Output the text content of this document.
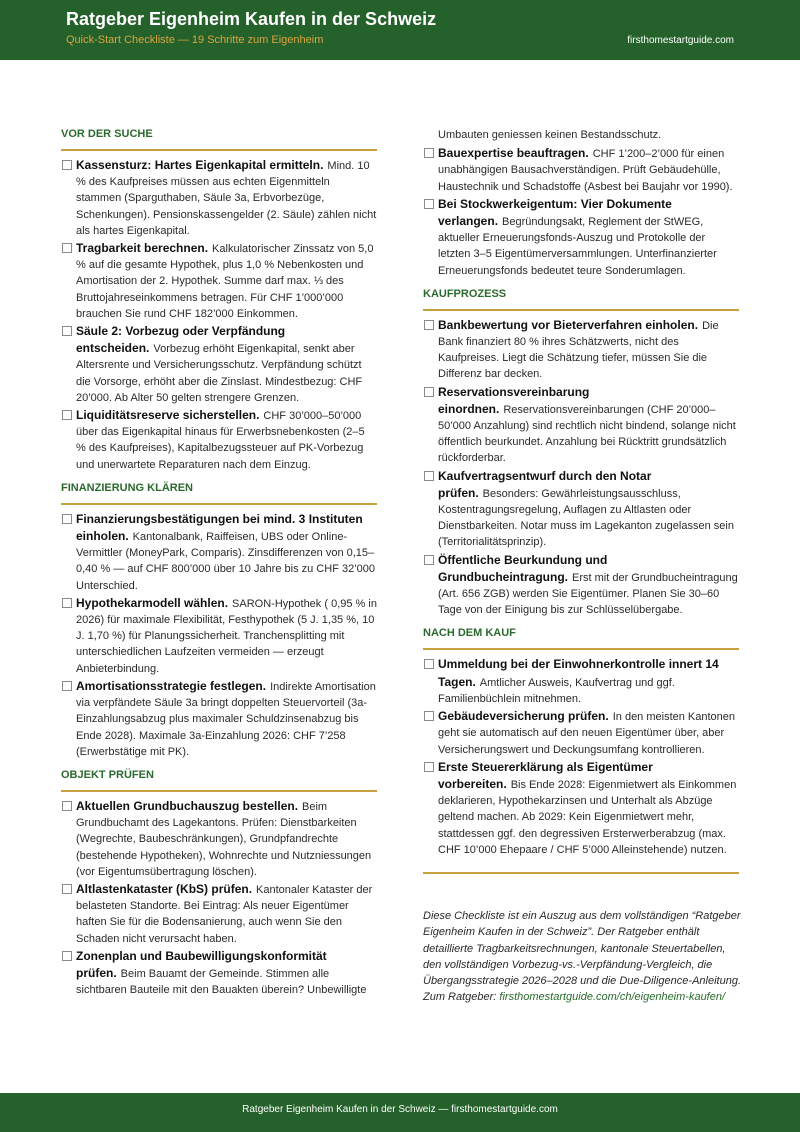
Ratgeber Eigenheim Kaufen in der Schweiz
Quick-Start Checkliste — 19 Schritte zum Eigenheim	firsthomestartguide.com
VOR DER SUCHE
Kassensturz: Hartes Eigenkapital ermitteln. Mind. 10 % des Kaufpreises müssen aus echten Eigenmitteln stammen (Sparguthaben, Säule 3a, Erbvorbezüge, Schenkungen). Pensionskassengelder (2. Säule) zählen nicht als hartes Eigenkapital.
Tragbarkeit berechnen. Kalkulatorischer Zinssatz von 5,0 % auf die gesamte Hypothek, plus 1,0 % Nebenkosten und Amortisation der 2. Hypothek. Summe darf max. ⅓ des Bruttojahreseinkommens betragen. Für CHF 1’000’000 brauchen Sie rund CHF 182’000 Einkommen.
Säule 2: Vorbezug oder Verpfändung entscheiden. Vorbezug erhöht Eigenkapital, senkt aber Altersrente und Versicherungsschutz. Verpfändung schützt die Vorsorge, erhöht aber die Zinslast. Mindestbezug: CHF 20’000. Ab Alter 50 gelten strengere Grenzen.
Liquiditätsreserve sicherstellen. CHF 30’000–50’000 über das Eigenkapital hinaus für Erwerbsnebenkosten (2–5 % des Kaufpreises), Kapitalbezugssteuer auf PK-Vorbezug und unerwartete Reparaturen nach dem Einzug.
FINANZIERUNG KLÄREN
Finanzierungsbestätigungen bei mind. 3 Instituten einholen. Kantonalbank, Raiffeisen, UBS oder Online-Vermittler (MoneyPark, Comparis). Zinsdifferenzen von 0,15–0,40 % — auf CHF 800’000 über 10 Jahre bis zu CHF 32’000 Unterschied.
Hypothekarmodell wählen. SARON-Hypothek ( 0,95 % in 2026) für maximale Flexibilität, Festhypothek (5 J. 1,35 %, 10 J. 1,70 %) für Planungssicherheit. Tranchensplitting mit unterschiedlichen Laufzeiten vermeiden — erzeugt Anbieterbindung.
Amortisationsstrategie festlegen. Indirekte Amortisation via verpfändete Säule 3a bringt doppelten Steuervorteil (3a-Einzahlungsabzug plus maximaler Schuldzinsenabzug bis Ende 2028). Maximale 3a-Einzahlung 2026: CHF 7’258 (Erwerbstätige mit PK).
OBJEKT PRÜFEN
Aktuellen Grundbuchauszug bestellen. Beim Grundbuchamt des Lagekantons. Prüfen: Dienstbarkeiten (Wegrechte, Baubeschränkungen), Grundpfandrechte (bestehende Hypotheken), Wohnrechte und Nutzniessungen (vor Eigentumsübertragung löschen).
Altlastenkataster (KbS) prüfen. Kantonaler Kataster der belasteten Standorte. Bei Eintrag: Als neuer Eigentümer haften Sie für die Bodensanierung, auch wenn Sie den Schaden nicht verursacht haben.
Zonenplan und Baubewilligungskonformität prüfen. Beim Bauamt der Gemeinde. Stimmen alle sichtbaren Bauteile mit den Bauakten überein? Unbewilligte
Umbauten geniessen keinen Bestandsschutz.
Bauexpertise beauftragen. CHF 1’200–2’000 für einen unabhängigen Bausachverständigen. Prüft Gebäudehülle, Haustechnik und Schadstoffe (Asbest bei Baujahr vor 1990).
Bei Stockwerkeigentum: Vier Dokumente verlangen. Begründungsakt, Reglement der StWEG, aktueller Erneuerungsfonds-Auszug und Protokolle der letzten 3–5 Eigentümerversammlungen. Unterfinanzierter Erneuerungsfonds bedeutet teure Sonderumlagen.
KAUFPROZESS
Bankbewertung vor Bieterverfahren einholen. Die Bank finanziert 80 % ihres Schätzwerts, nicht des Kaufpreises. Liegt die Schätzung tiefer, müssen Sie die Differenz bar decken.
Reservationsvereinbarung einordnen. Reservationsvereinbarungen (CHF 20’000–50’000 Anzahlung) sind rechtlich nicht bindend, solange nicht öffentlich beurkundet. Anzahlung bei Rücktritt grundsätzlich rückforderbar.
Kaufvertragsentwurf durch den Notar prüfen. Besonders: Gewährleistungsausschluss, Kostentragungsregelung, Auflagen zu Altlasten oder Dienstbarkeiten. Notar muss im Lagekanton zugelassen sein (Territorialitätsprinzip).
Öffentliche Beurkundung und Grundbucheintragung. Erst mit der Grundbucheintragung (Art. 656 ZGB) werden Sie Eigentümer. Planen Sie 30–60 Tage von der Einigung bis zur Schlüsselübergabe.
NACH DEM KAUF
Ummeldung bei der Einwohnerkontrolle innert 14 Tagen. Amtlicher Ausweis, Kaufvertrag und ggf. Familienbüchlein mitnehmen.
Gebäudeversicherung prüfen. In den meisten Kantonen geht sie automatisch auf den neuen Eigentümer über, aber Versicherungswert und Deckungsumfang kontrollieren.
Erste Steuererklärung als Eigentümer vorbereiten. Bis Ende 2028: Eigenmietwert als Einkommen deklarieren, Hypothekarzinsen und Unterhalt als Abzüge geltend machen. Ab 2029: Kein Eigenmietwert mehr, stattdessen ggf. den degressiven Ersterwerberabzug (max. CHF 10’000 Ehepaare / CHF 5’000 Alleinstehende) nutzen.
Diese Checkliste ist ein Auszug aus dem vollständigen “Ratgeber Eigenheim Kaufen in der Schweiz”. Der Ratgeber enthält detaillierte Tragbarkeitsrechnungen, kantonale Steuertabellen, den vollständigen Vorbezug-vs.-Verpfändung-Vergleich, die Übergangsstrategie 2026–2028 und die Due-Diligence-Anleitung. Zum Ratgeber: firsthomestartguide.com/ch/eigenheim-kaufen/
Ratgeber Eigenheim Kaufen in der Schweiz — firsthomestartguide.com
